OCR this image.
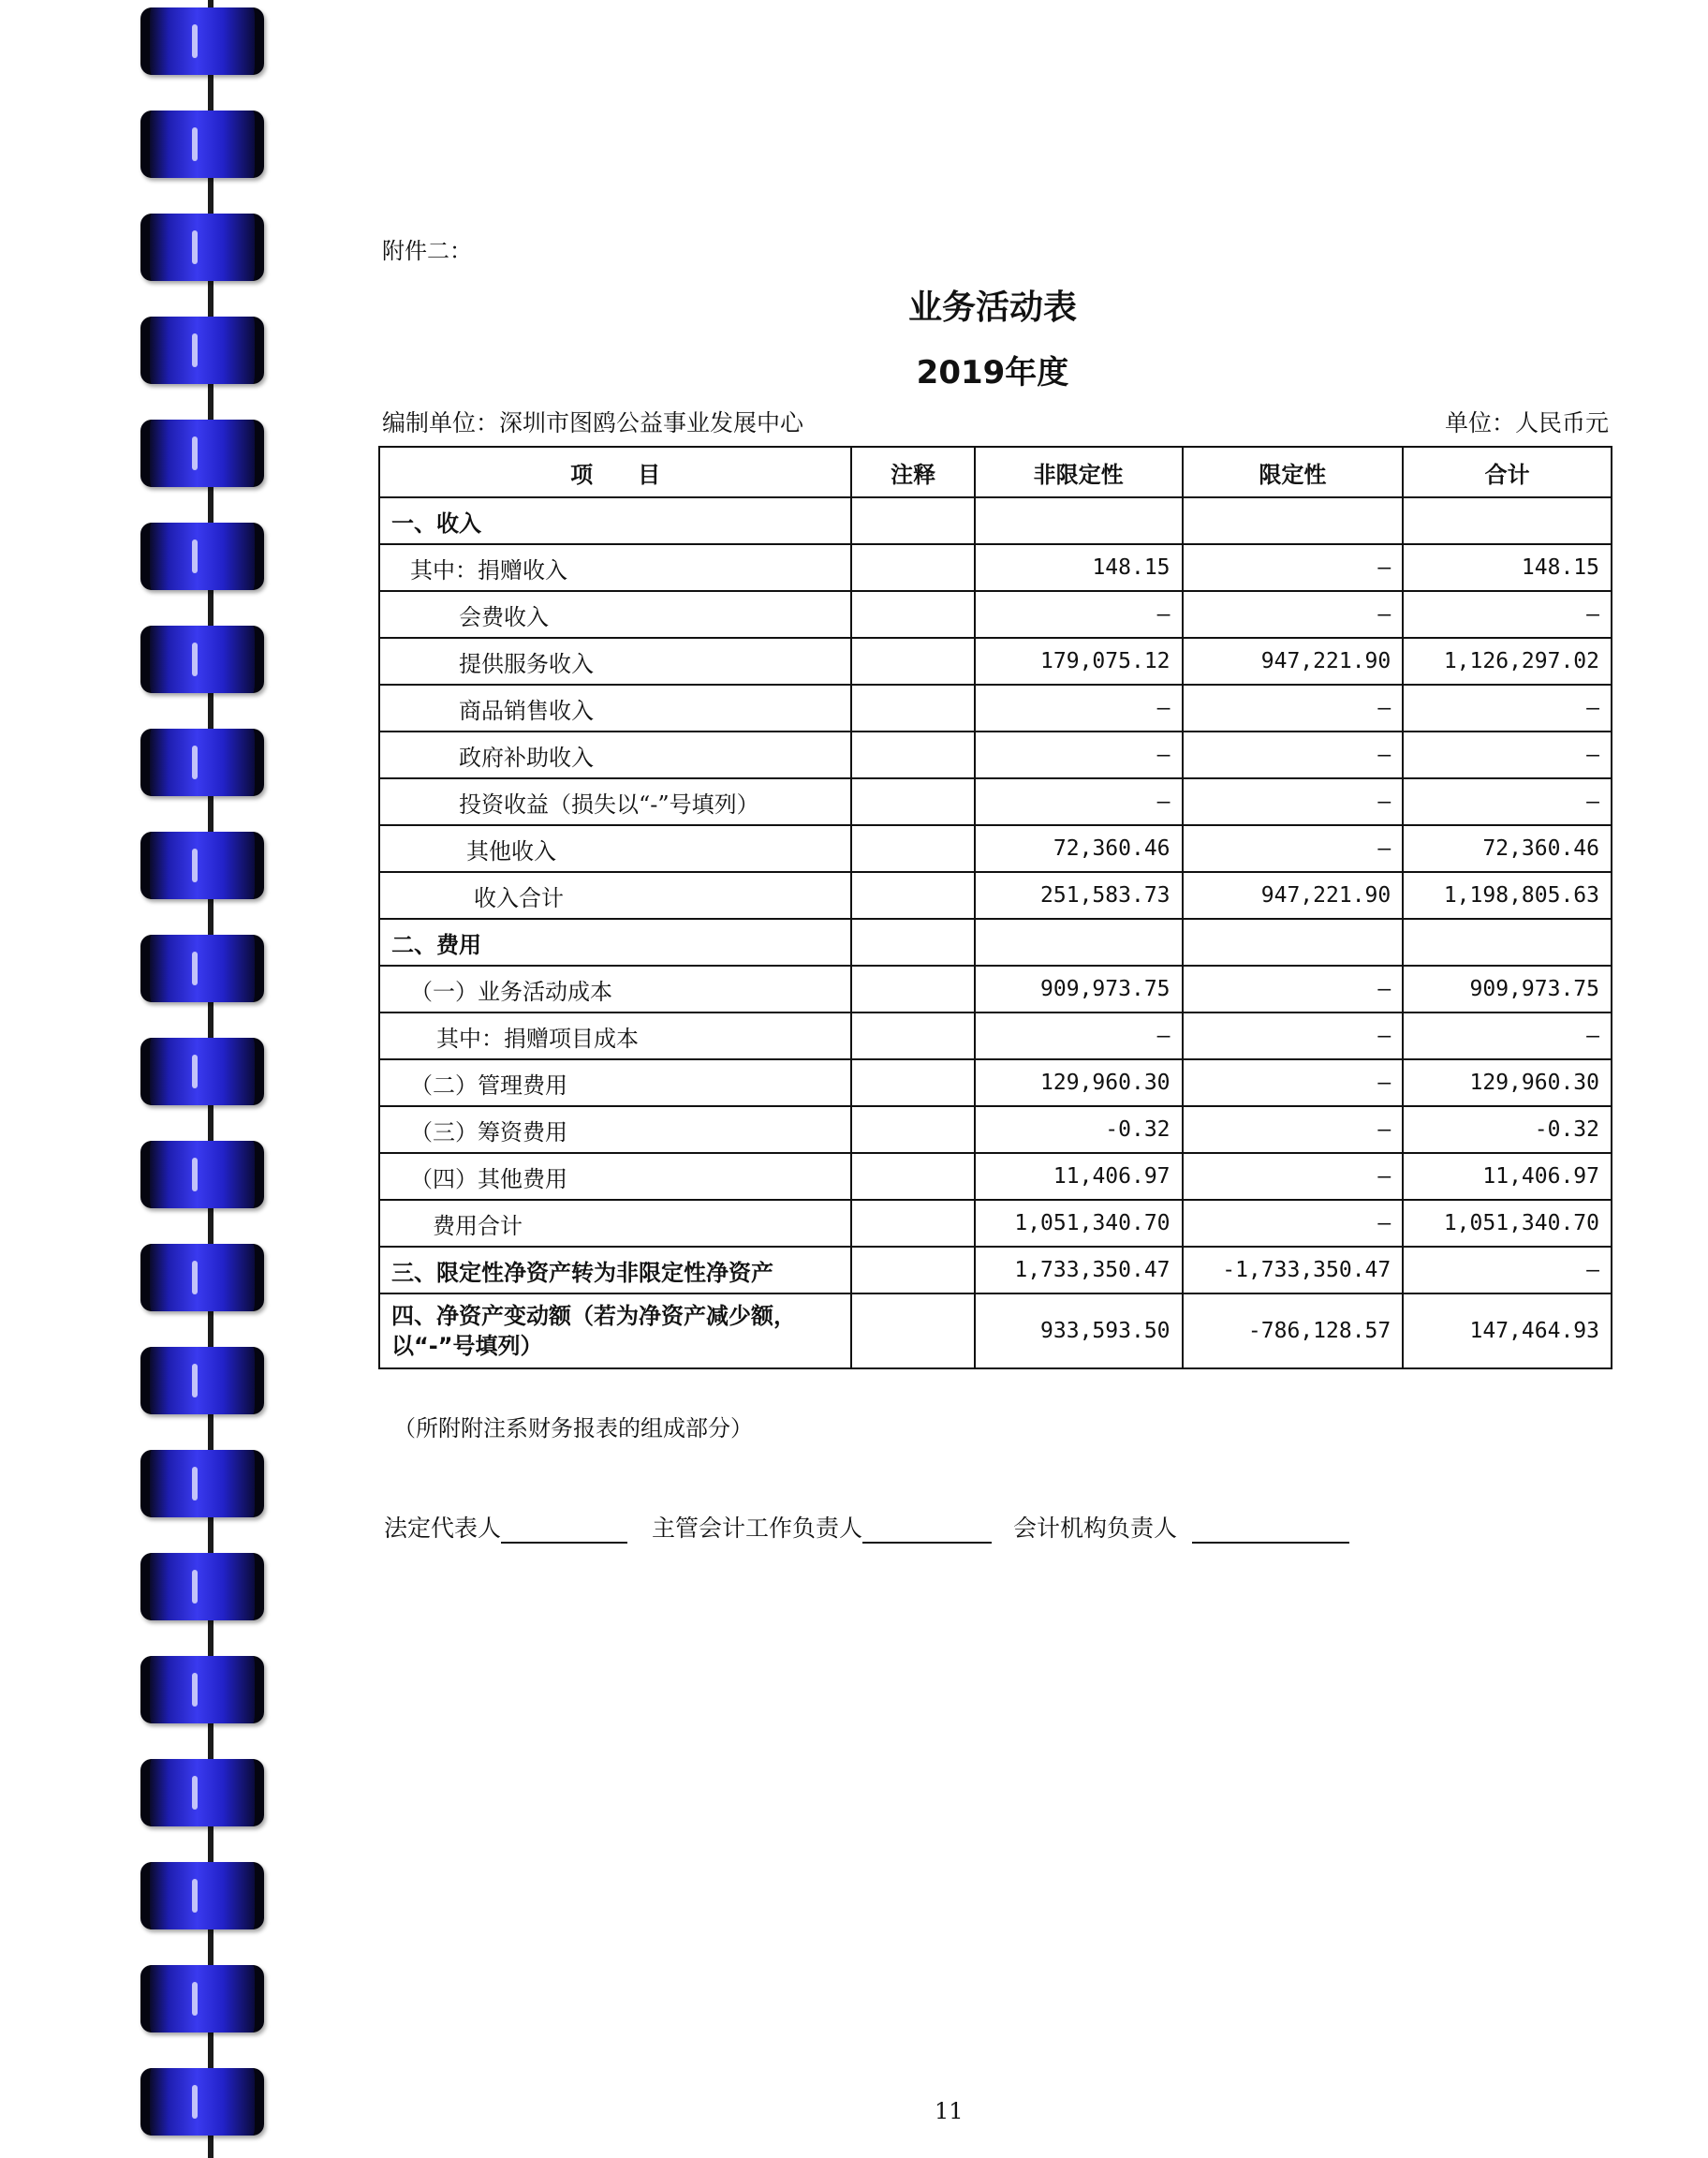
附件二：
业务活动表
2019年度
编制单位：深圳市图鸥公益事业发展中心	单位：人民币元
项　　目	注释	非限定性	限定性	合计
一、收入				
其中：捐赠收入		148.15	–	148.15
会费收入		–	–	–
提供服务收入		179,075.12	947,221.90	1,126,297.02
商品销售收入		–	–	–
政府补助收入		–	–	–
投资收益（损失以“-”号填列）		–	–	–
其他收入		72,360.46	–	72,360.46
收入合计		251,583.73	947,221.90	1,198,805.63
二、费用				
（一）业务活动成本		909,973.75	–	909,973.75
其中：捐赠项目成本		–	–	–
（二）管理费用		129,960.30	–	129,960.30
（三）筹资费用		-0.32	–	-0.32
（四）其他费用		11,406.97	–	11,406.97
费用合计		1,051,340.70	–	1,051,340.70
三、限定性净资产转为非限定性净资产		1,733,350.47	-1,733,350.47	–
四、净资产变动额（若为净资产减少额，以“-”号填列）		933,593.50	-786,128.57	147,464.93
（所附附注系财务报表的组成部分）
法定代表人	主管会计工作负责人	会计机构负责人
11
